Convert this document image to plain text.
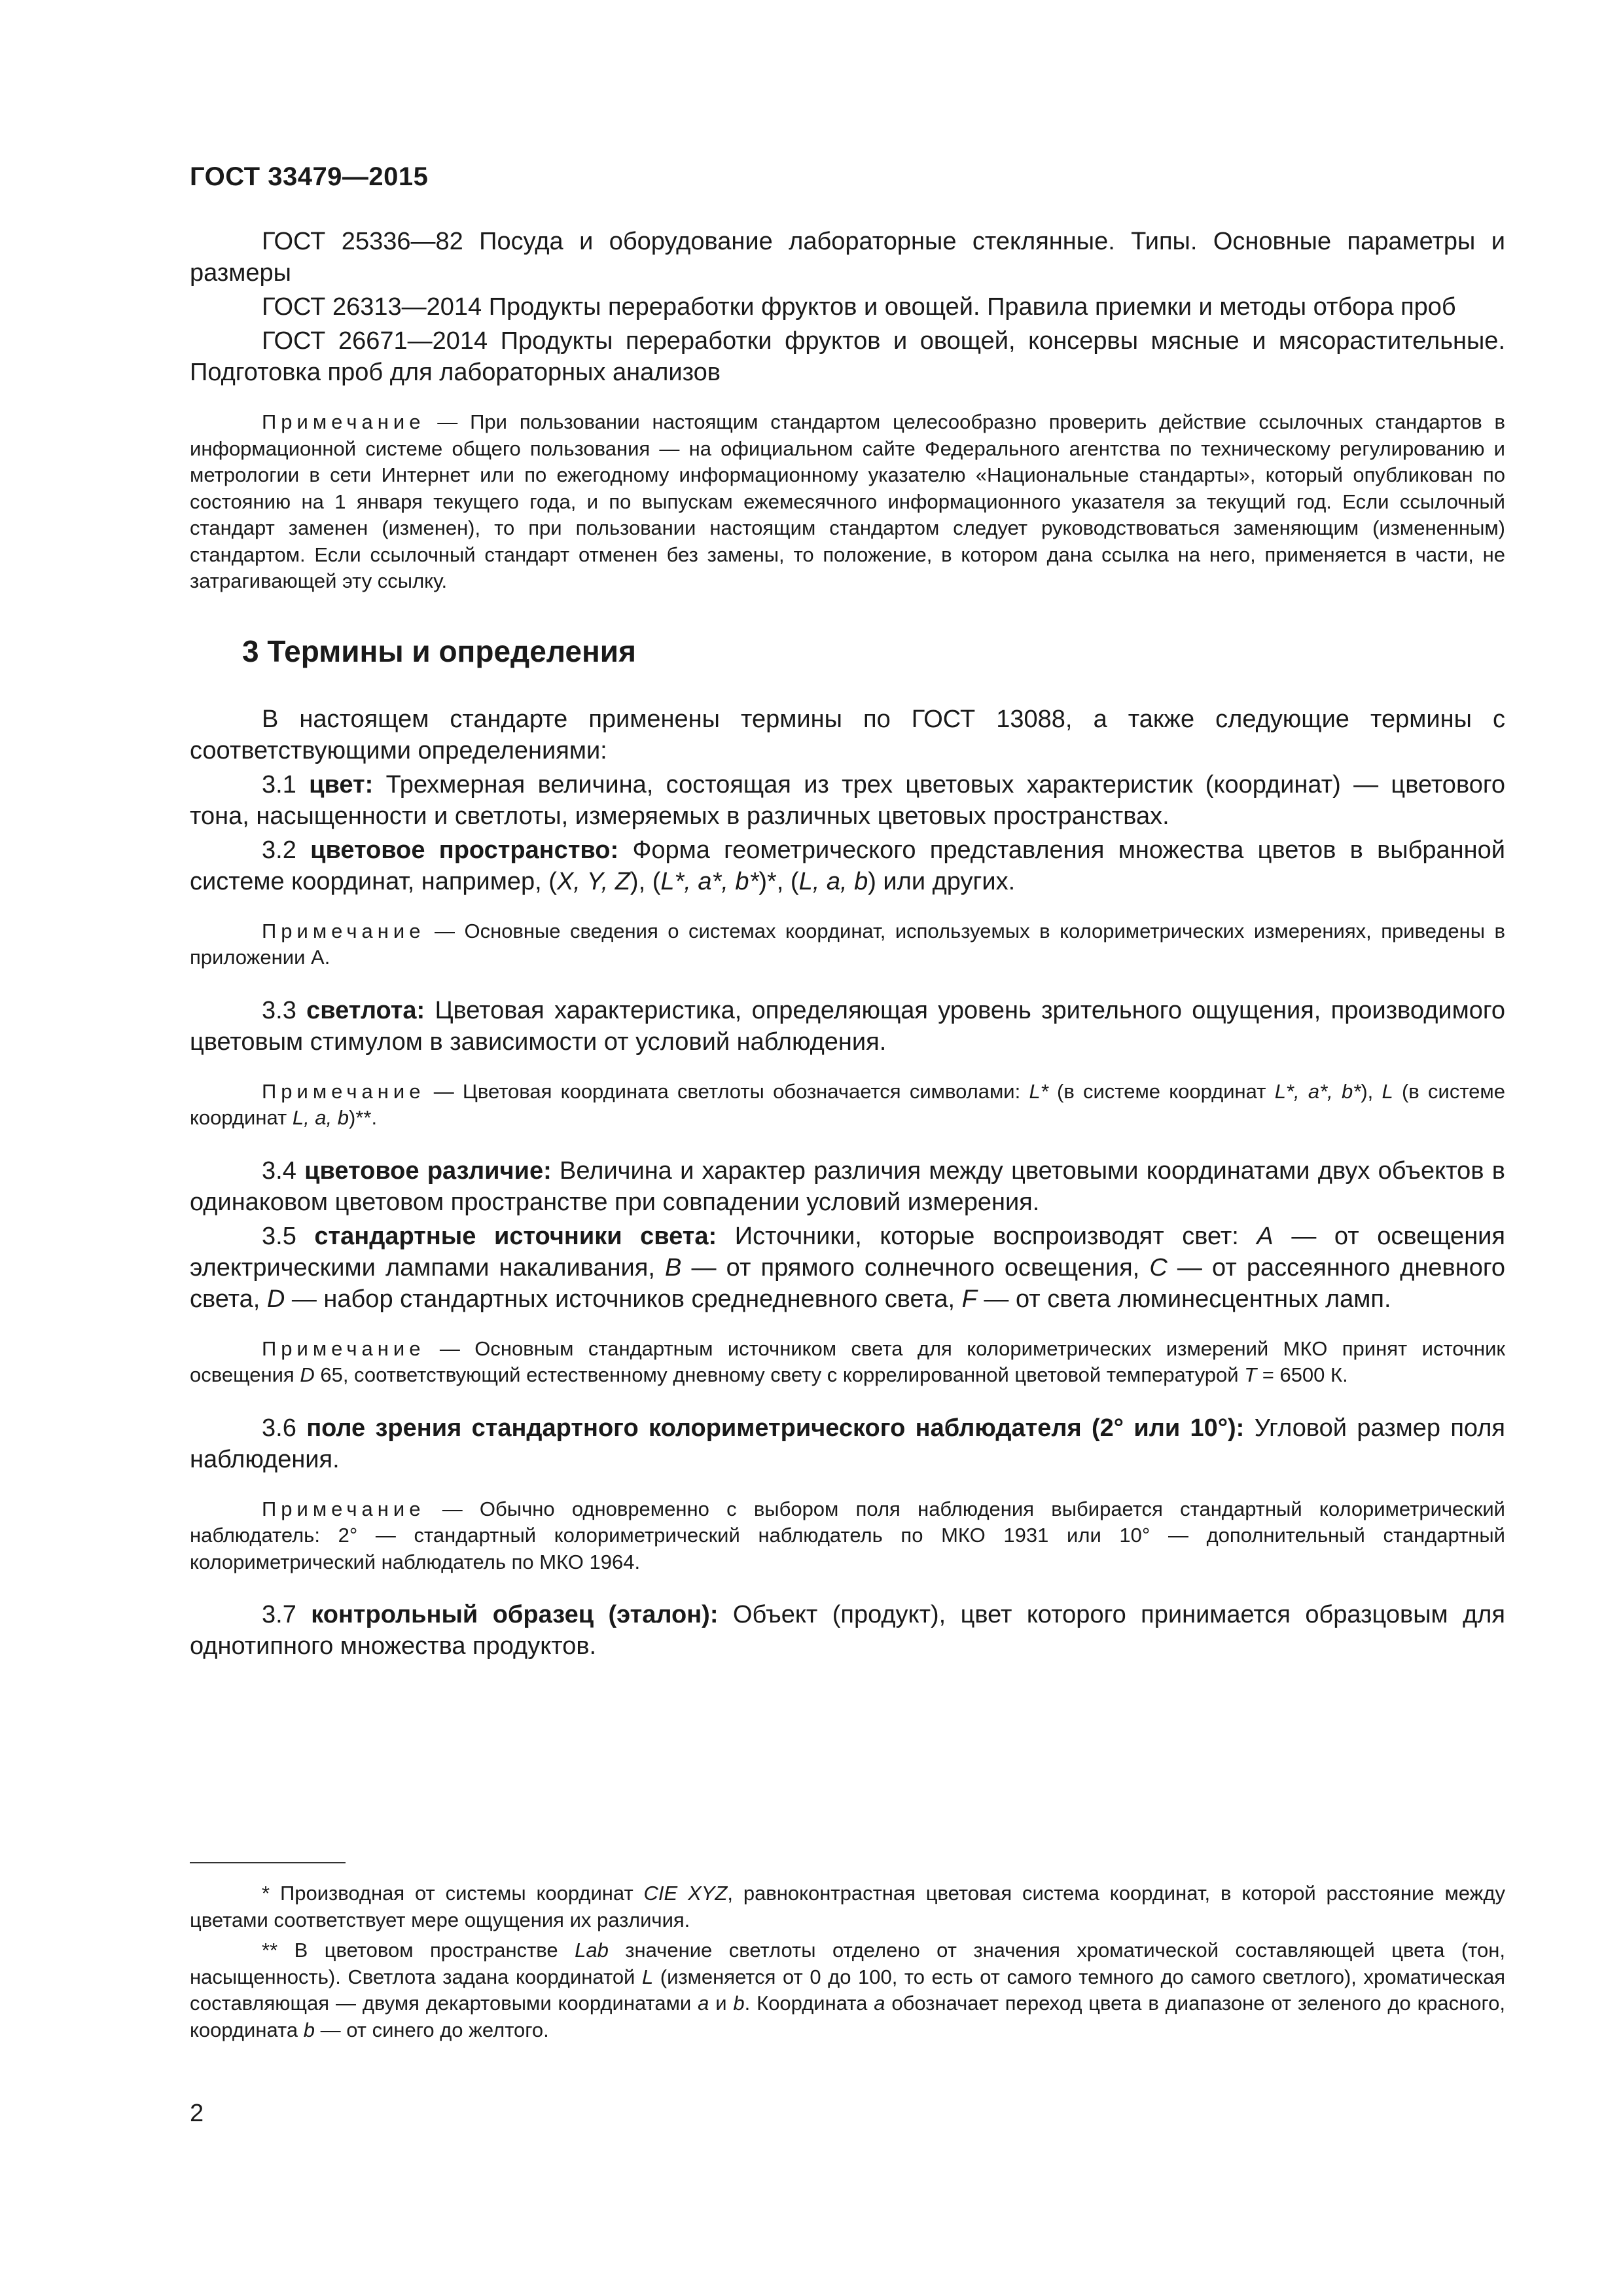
ГОСТ 33479—2015

ГОСТ 25336—82 Посуда и оборудование лабораторные стеклянные. Типы. Основные параметры и размеры

ГОСТ 26313—2014 Продукты переработки фруктов и овощей. Правила приемки и методы отбора проб

ГОСТ 26671—2014 Продукты переработки фруктов и овощей, консервы мясные и мясорастительные. Подготовка проб для лабораторных анализов

Примечание — При пользовании настоящим стандартом целесообразно проверить действие ссылочных стандартов в информационной системе общего пользования — на официальном сайте Федерального агентства по техническому регулированию и метрологии в сети Интернет или по ежегодному информационному указателю «Национальные стандарты», который опубликован по состоянию на 1 января текущего года, и по выпускам ежемесячного информационного указателя за текущий год. Если ссылочный стандарт заменен (изменен), то при пользовании настоящим стандартом следует руководствоваться заменяющим (измененным) стандартом. Если ссылочный стандарт отменен без замены, то положение, в котором дана ссылка на него, применяется в части, не затрагивающей эту ссылку.

3 Термины и определения

В настоящем стандарте применены термины по ГОСТ 13088, а также следующие термины с соответствующими определениями:

3.1 цвет: Трехмерная величина, состоящая из трех цветовых характеристик (координат) — цветового тона, насыщенности и светлоты, измеряемых в различных цветовых пространствах.

3.2 цветовое пространство: Форма геометрического представления множества цветов в выбранной системе координат, например, (X, Y, Z), (L*, a*, b*)*, (L, a, b) или других.

Примечание — Основные сведения о системах координат, используемых в колориметрических измерениях, приведены в приложении А.

3.3 светлота: Цветовая характеристика, определяющая уровень зрительного ощущения, производимого цветовым стимулом в зависимости от условий наблюдения.

Примечание — Цветовая координата светлоты обозначается символами: L* (в системе координат L*, a*, b*), L (в системе координат L, a, b)**.

3.4 цветовое различие: Величина и характер различия между цветовыми координатами двух объектов в одинаковом цветовом пространстве при совпадении условий измерения.

3.5 стандартные источники света: Источники, которые воспроизводят свет: A — от освещения электрическими лампами накаливания, B — от прямого солнечного освещения, C — от рассеянного дневного света, D — набор стандартных источников среднедневного света, F — от света люминесцентных ламп.

Примечание — Основным стандартным источником света для колориметрических измерений МКО принят источник освещения D 65, соответствующий естественному дневному свету с коррелированной цветовой температурой T = 6500 К.

3.6 поле зрения стандартного колориметрического наблюдателя (2° или 10°): Угловой размер поля наблюдения.

Примечание — Обычно одновременно с выбором поля наблюдения выбирается стандартный колориметрический наблюдатель: 2° — стандартный колориметрический наблюдатель по МКО 1931 или 10° — дополнительный стандартный колориметрический наблюдатель по МКО 1964.

3.7 контрольный образец (эталон): Объект (продукт), цвет которого принимается образцовым для однотипного множества продуктов.

* Производная от системы координат CIE XYZ, равноконтрастная цветовая система координат, в которой расстояние между цветами соответствует мере ощущения их различия.

** В цветовом пространстве Lab значение светлоты отделено от значения хроматической составляющей цвета (тон, насыщенность). Светлота задана координатой L (изменяется от 0 до 100, то есть от самого темного до самого светлого), хроматическая составляющая — двумя декартовыми координатами a и b. Координата a обозначает переход цвета в диапазоне от зеленого до красного, координата b — от синего до желтого.

2
